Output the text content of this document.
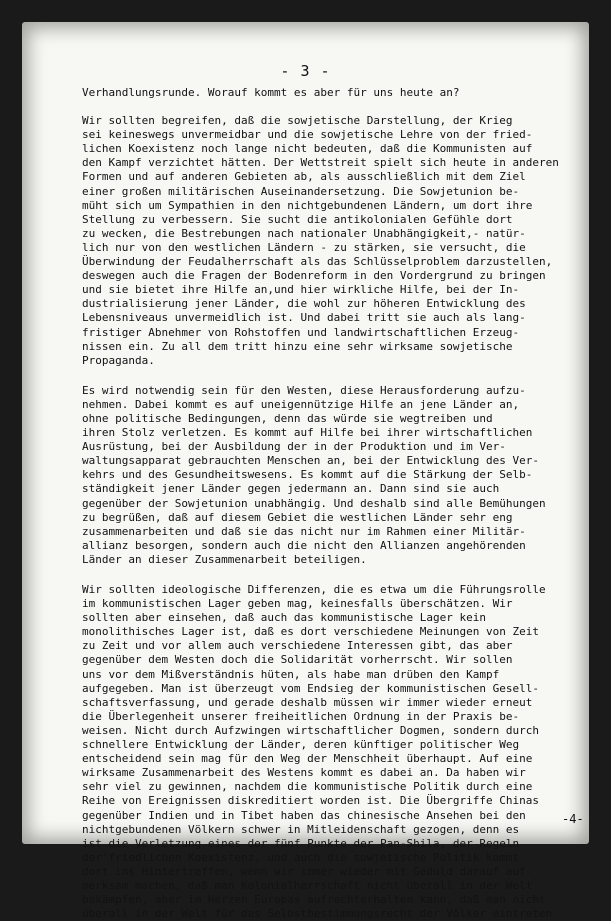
- 3 -
Verhandlungsrunde. Worauf kommt es aber für uns heute an?
Wir sollten begreifen, daß die sowjetische Darstellung, der Krieg
sei keineswegs unvermeidbar und die sowjetische Lehre von der fried-
lichen Koexistenz noch lange nicht bedeuten, daß die Kommunisten auf
den Kampf verzichtet hätten. Der Wettstreit spielt sich heute in anderen
Formen und auf anderen Gebieten ab, als ausschließlich mit dem Ziel
einer großen militärischen Auseinandersetzung. Die Sowjetunion be-
müht sich um Sympathien in den nichtgebundenen Ländern, um dort ihre
Stellung zu verbessern. Sie sucht die antikolonialen Gefühle dort
zu wecken, die Bestrebungen nach nationaler Unabhängigkeit,- natür-
lich nur von den westlichen Ländern - zu stärken, sie versucht, die
Überwindung der Feudalherrschaft als das Schlüsselproblem darzustellen,
deswegen auch die Fragen der Bodenreform in den Vordergrund zu bringen
und sie bietet ihre Hilfe an,und hier wirkliche Hilfe, bei der In-
dustrialisierung jener Länder, die wohl zur höheren Entwicklung des
Lebensniveaus unvermeidlich ist. Und dabei tritt sie auch als lang-
fristiger Abnehmer von Rohstoffen und landwirtschaftlichen Erzeug-
nissen ein. Zu all dem tritt hinzu eine sehr wirksame sowjetische
Propaganda.
Es wird notwendig sein für den Westen, diese Herausforderung aufzu-
nehmen. Dabei kommt es auf uneigennützige Hilfe an jene Länder an,
ohne politische Bedingungen, denn das würde sie wegtreiben und
ihren Stolz verletzen. Es kommt auf Hilfe bei ihrer wirtschaftlichen
Ausrüstung, bei der Ausbildung der in der Produktion und im Ver-
waltungsapparat gebrauchten Menschen an, bei der Entwicklung des Ver-
kehrs und des Gesundheitswesens. Es kommt auf die Stärkung der Selb-
ständigkeit jener Länder gegen jedermann an. Dann sind sie auch
gegenüber der Sowjetunion unabhängig. Und deshalb sind alle Bemühungen
zu begrüßen, daß auf diesem Gebiet die westlichen Länder sehr eng
zusammenarbeiten und daß sie das nicht nur im Rahmen einer Militär-
allianz besorgen, sondern auch die nicht den Allianzen angehörenden
Länder an dieser Zusammenarbeit beteiligen.
Wir sollten ideologische Differenzen, die es etwa um die Führungsrolle
im kommunistischen Lager geben mag, keinesfalls überschätzen. Wir
sollten aber einsehen, daß auch das kommunistische Lager kein
monolithisches Lager ist, daß es dort verschiedene Meinungen von Zeit
zu Zeit und vor allem auch verschiedene Interessen gibt, das aber
gegenüber dem Westen doch die Solidarität vorherrscht. Wir sollen
uns vor dem Mißverständnis hüten, als habe man drüben den Kampf
aufgegeben. Man ist überzeugt vom Endsieg der kommunistischen Gesell-
schaftsverfassung, und gerade deshalb müssen wir immer wieder erneut
die Überlegenheit unserer freiheitlichen Ordnung in der Praxis be-
weisen. Nicht durch Aufzwingen wirtschaftlicher Dogmen, sondern durch
schnellere Entwicklung der Länder, deren künftiger politischer Weg
entscheidend sein mag für den Weg der Menschheit überhaupt. Auf eine
wirksame Zusammenarbeit des Westens kommt es dabei an. Da haben wir
sehr viel zu gewinnen, nachdem die kommunistische Politik durch eine
Reihe von Ereignissen diskreditiert worden ist. Die Übergriffe Chinas
gegenüber Indien und in Tibet haben das chinesische Ansehen bei den
nichtgebundenen Völkern schwer in Mitleidenschaft gezogen, denn es
ist die Verletzung eines der fünf Punkte der Pan-Shila, der Regeln
der'friedlichen Koexistenz, und auch die sowjetische Politik kommt
dort ins Hintertreffen, wenn wir immer wieder mit Geduld darauf auf-
merksam machen, daß man Kolonialherrschaft nicht überall in der Welt
bekämpfen, aber im Herzen Europas aufrechterhalten kann, daß man nicht
überall in der Welt für das Selbstbestimmungsrecht der Völker eintreten
-4-
